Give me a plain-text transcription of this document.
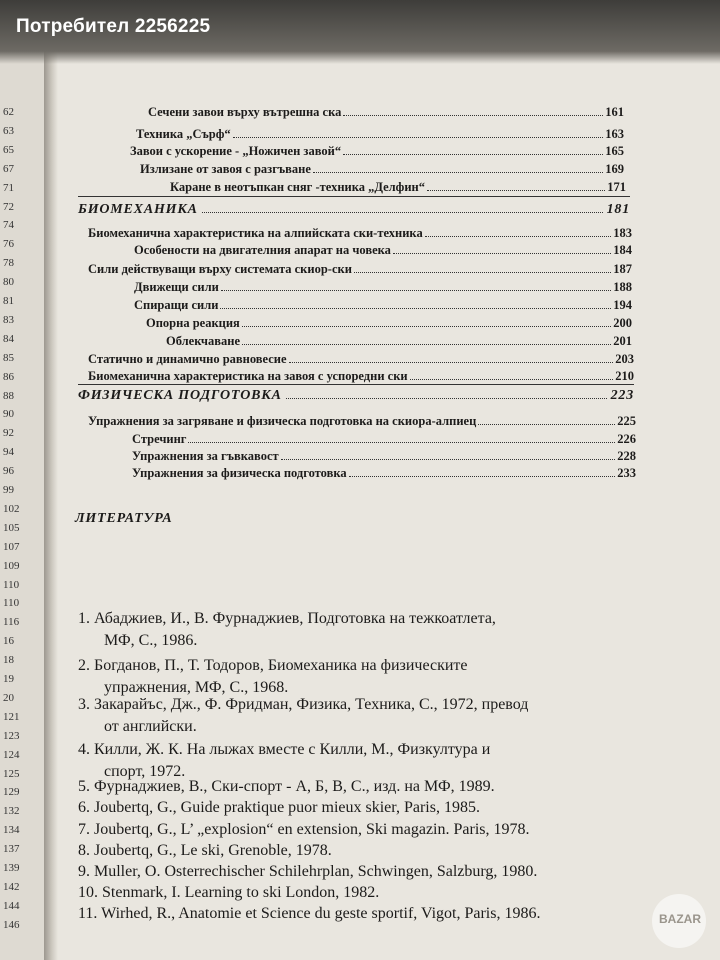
62
63
65
67
71
72
74
76
78
80
81
83
84
85
86
88
90
92
94
96
99
102
105
107
109
110
110
116
16
18
19
20
121
123
124
125
129
132
134
137
139
142
144
146
Потребител 2256225
Сечени завои върху вътрешна ска	161
Техника „Сърф“	163
Завои с ускорение - „Ножичен завой“	165
Излизане от завоя с разгъване	169
Каране в неотъпкан сняг -техника „Делфин“	171
БИОМЕХАНИКА	181
Биомеханична характеристика на алпийската ски-техника	183
Особености на двигателния апарат на човека	184
Сили действуващи върху системата скиор-ски	187
Движещи сили	188
Спиращи сили	194
Опорна реакция	200
Облекчаване	201
Статично и динамично равновесие	203
Биомеханична характеристика на завоя с успоредни ски	210
ФИЗИЧЕСКА ПОДГОТОВКА	223
Упражнения за загряване и физическа подготовка на скиора-алпиец	225
Стречинг	226
Упражнения за гъвкавост	228
Упражнения за физическа подготовка	233
ЛИТЕРАТУРА
1. Абаджиев, И., В. Фурнаджиев, Подготовка на тежкоатлета,
МФ, С., 1986.
2. Богданов, П., Т. Тодоров, Биомеханика на физическите
упражнения, МФ, С., 1968.
3. Закарайъс, Дж., Ф. Фридман, Физика, Техника, С., 1972, превод
от английски.
4. Килли, Ж. К. На лыжах вместе с Килли, М., Физкултура и
спорт, 1972.
5. Фурнаджиев, В., Ски-спорт - А, Б, В, С., изд. на МФ, 1989.
6. Joubertq, G., Guide praktique puor mieux skier, Paris, 1985.
7. Joubertq, G., L’ „explosion“ en extension, Ski magazin. Paris, 1978.
8. Joubertq, G., Le ski, Grenoble, 1978.
9. Muller, O. Osterrechischer Schilehrplan, Schwingen, Salzburg, 1980.
10. Stenmark, I. Learning to ski London, 1982.
11. Wirhed, R., Anatomie et Science du geste sportif, Vigot, Paris, 1986.	BAZAR
